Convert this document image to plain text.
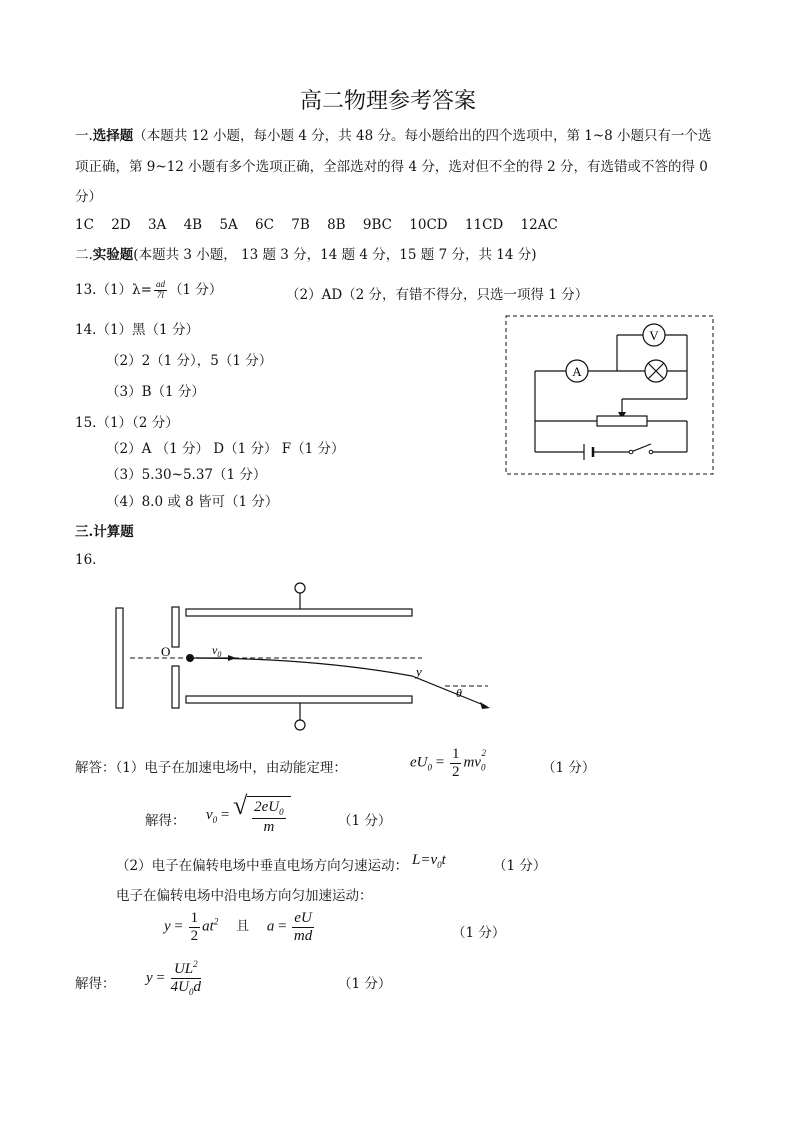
高二物理参考答案
一.选择题（本题共 12 小题，每小题 4 分，共 48 分。每小题给出的四个选项中，第 1~8 小题只有一个选
项正确，第 9~12 小题有多个选项正确，全部选对的得 4 分，选对但不全的得 2 分，有选错或不答的得 0
分）
1C 2D 3A 4B 5A 6C 7B 8B 9BC 10CD 11CD 12AC
二.实验题(本题共 3 小题， 13 题 3 分，14 题 4 分，15 题 7 分，共 14 分)
$13.(1)\lambda= \frac{ad}{7l} (1$ 分）	（2）AD（2 分，有错不得分，只选一项得 1 分）
14.（1）黑（1 分）
（2）2（1 分），5（1 分）
（3）B（1 分）
15.（1）（2 分）
（2）A （1 分） D（1 分） F（1 分）
（3）5.30~5.37（1 分）
（4）8.0 或 8 皆可（1 分）
A
V
三.计算题
16.
O	$v_0$
y
θ
解答：（1）电子在加速电场中，由动能定理：	$eU_0 = \frac{1}{2} mv_0^2$
（1 分）
解得： $v_0$ = √ $\frac{2eU_0}{m}$	（1 分）
（2）电子在偏转电场中垂直电场方向匀速运动： $L=v_0t$	（1 分）
电子在偏转电场中沿电场方向匀加速运动：
$y = \frac{1}{2} at^2$ 且 $a = \frac{eU}{md}$	（1 分）
解得： $y = \frac{UL^2}{4U_0d}$	（1 分）
